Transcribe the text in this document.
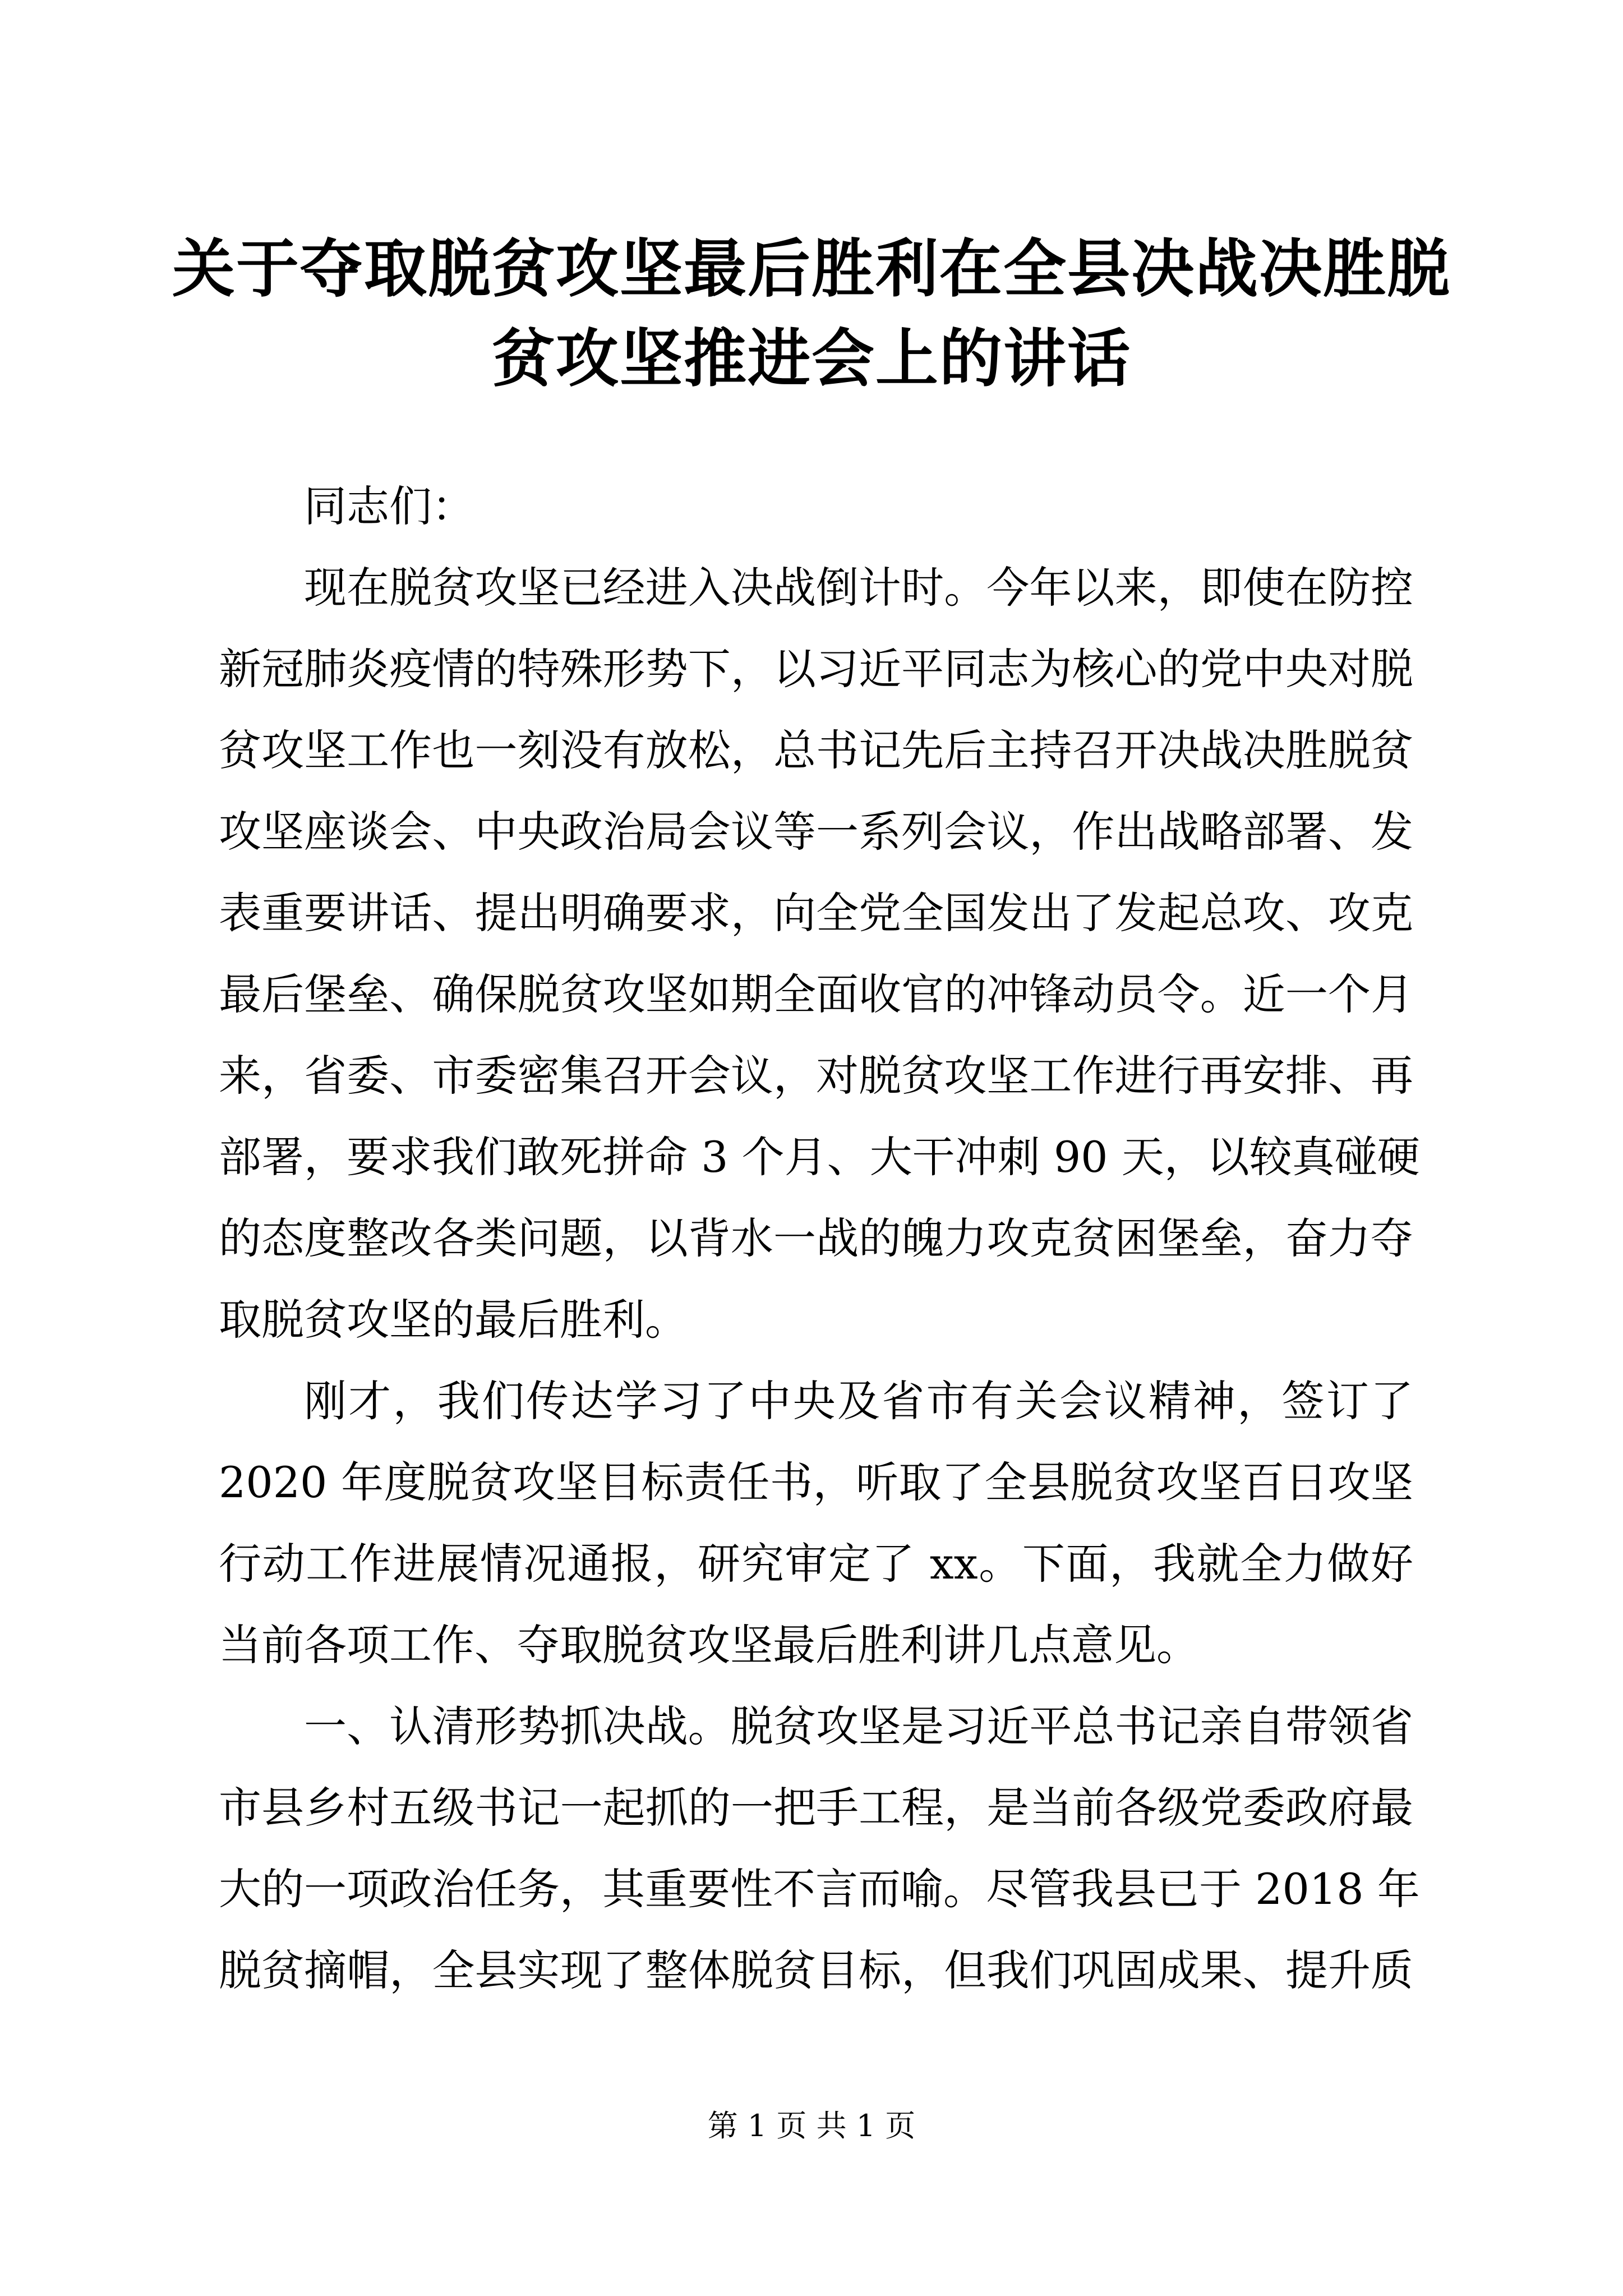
关于夺取脱贫攻坚最后胜利在全县决战决胜脱
贫攻坚推进会上的讲话
同志们：
现在脱贫攻坚已经进入决战倒计时。今年以来，即使在防控
新冠肺炎疫情的特殊形势下，以习近平同志为核心的党中央对脱
贫攻坚工作也一刻没有放松，总书记先后主持召开决战决胜脱贫
攻坚座谈会、中央政治局会议等一系列会议，作出战略部署、发
表重要讲话、提出明确要求，向全党全国发出了发起总攻、攻克
最后堡垒、确保脱贫攻坚如期全面收官的冲锋动员令。近一个月
来，省委、市委密集召开会议，对脱贫攻坚工作进行再安排、再
部署，要求我们敢死拼命 3 个月、大干冲刺 90 天，以较真碰硬
的态度整改各类问题，以背水一战的魄力攻克贫困堡垒，奋力夺
取脱贫攻坚的最后胜利。
刚才，我们传达学习了中央及省市有关会议精神，签订了
2020 年度脱贫攻坚目标责任书，听取了全县脱贫攻坚百日攻坚
行动工作进展情况通报，研究审定了 xx。下面，我就全力做好
当前各项工作、夺取脱贫攻坚最后胜利讲几点意见。
一、认清形势抓决战。脱贫攻坚是习近平总书记亲自带领省
市县乡村五级书记一起抓的一把手工程，是当前各级党委政府最
大的一项政治任务，其重要性不言而喻。尽管我县已于 2018 年
脱贫摘帽，全县实现了整体脱贫目标，但我们巩固成果、提升质
第 1 页 共 1 页
